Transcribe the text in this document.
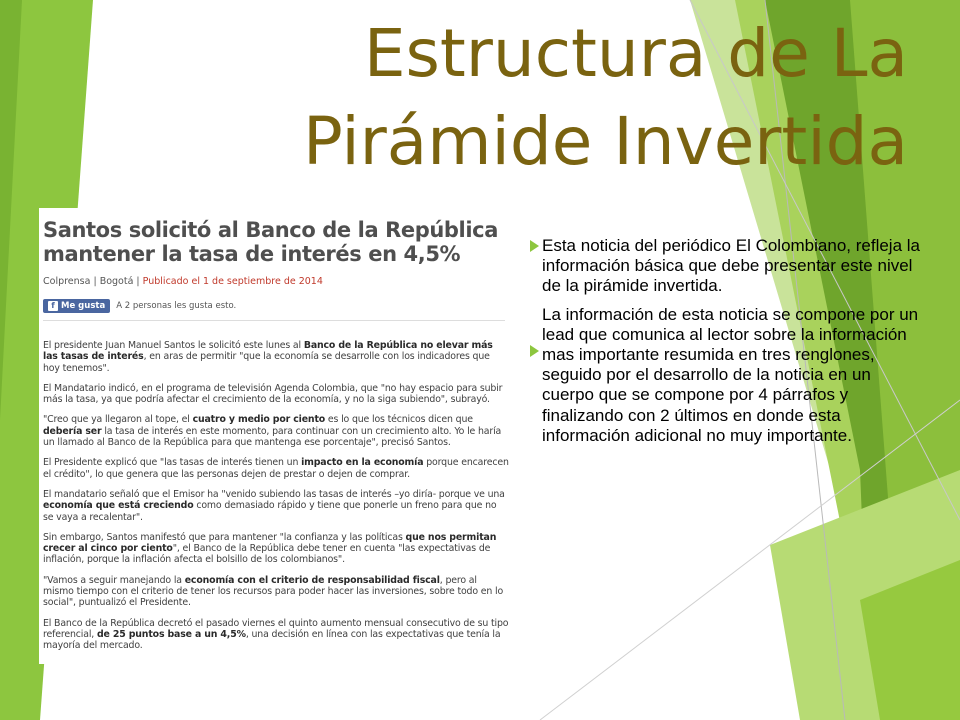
Estructura de La
Pirámide Invertida
Santos solicitó al Banco de la República mantener la tasa de interés en 4,5%
Colprensa | Bogotá | Publicado el 1 de septiembre de 2014
f Me gusta A 2 personas les gusta esto.

El presidente Juan Manuel Santos le solicitó este lunes al Banco de la República no elevar más las tasas de interés, en aras de permitir "que la economía se desarrolle con los indicadores que hoy tenemos".

El Mandatario indicó, en el programa de televisión Agenda Colombia, que "no hay espacio para subir más la tasa, ya que podría afectar el crecimiento de la economía, y no la siga subiendo", subrayó.

"Creo que ya llegaron al tope, el cuatro y medio por ciento es lo que los técnicos dicen que debería ser la tasa de interés en este momento, para continuar con un crecimiento alto. Yo le haría un llamado al Banco de la República para que mantenga ese porcentaje", precisó Santos.

El Presidente explicó que "las tasas de interés tienen un impacto en la economía porque encarecen el crédito", lo que genera que las personas dejen de prestar o dejen de comprar.

El mandatario señaló que el Emisor ha "venido subiendo las tasas de interés –yo diría- porque ve una economía que está creciendo como demasiado rápido y tiene que ponerle un freno para que no se vaya a recalentar".

Sin embargo, Santos manifestó que para mantener "la confianza y las políticas que nos permitan crecer al cinco por ciento", el Banco de la República debe tener en cuenta "las expectativas de inflación, porque la inflación afecta el bolsillo de los colombianos".

"Vamos a seguir manejando la economía con el criterio de responsabilidad fiscal, pero al mismo tiempo con el criterio de tener los recursos para poder hacer las inversiones, sobre todo en lo social", puntualizó el Presidente.

El Banco de la República decretó el pasado viernes el quinto aumento mensual consecutivo de su tipo referencial, de 25 puntos base a un 4,5%, una decisión en línea con las expectativas que tenía la mayoría del mercado.

Esta noticia del periódico El Colombiano, refleja la información básica que debe presentar este nivel de la pirámide invertida.

La información de esta noticia se compone por un lead que comunica al lector sobre la información mas importante resumida en tres renglones, seguido por el desarrollo de la noticia en un cuerpo que se compone por 4 párrafos y finalizando con 2 últimos en donde esta información adicional no muy importante.
